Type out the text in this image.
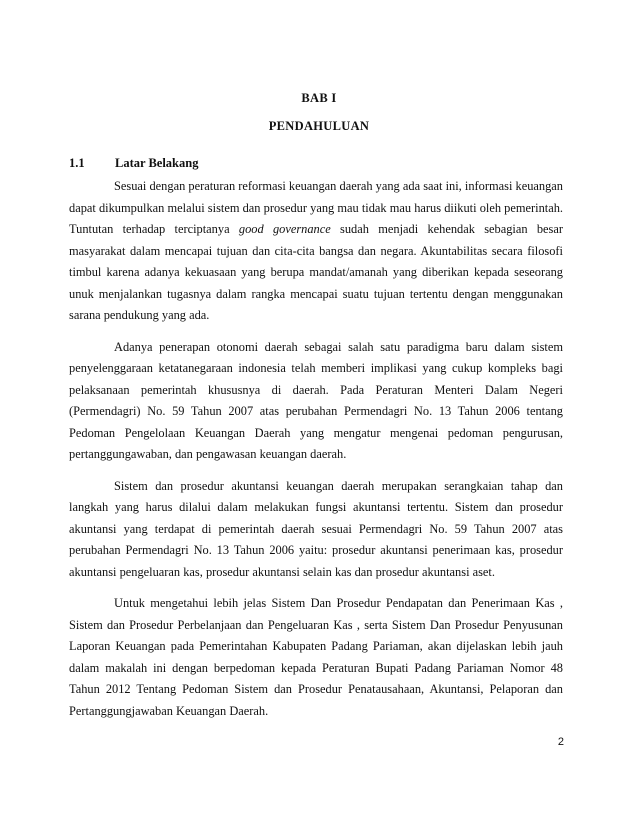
BAB I
PENDAHULUAN
1.1 Latar Belakang

Sesuai dengan peraturan reformasi keuangan daerah yang ada saat ini, informasi keuangan dapat dikumpulkan melalui sistem dan prosedur yang mau tidak mau harus diikuti oleh pemerintah. Tuntutan terhadap terciptanya good governance sudah menjadi kehendak sebagian besar masyarakat dalam mencapai tujuan dan cita-cita bangsa dan negara. Akuntabilitas secara filosofi timbul karena adanya kekuasaan yang berupa mandat/amanah yang diberikan kepada seseorang unuk menjalankan tugasnya dalam rangka mencapai suatu tujuan tertentu dengan menggunakan sarana pendukung yang ada.

Adanya penerapan otonomi daerah sebagai salah satu paradigma baru dalam sistem penyelenggaraan ketatanegaraan indonesia telah memberi implikasi yang cukup kompleks bagi pelaksanaan pemerintah khususnya di daerah. Pada Peraturan Menteri Dalam Negeri (Permendagri) No. 59 Tahun 2007 atas perubahan Permendagri No. 13 Tahun 2006 tentang Pedoman Pengelolaan Keuangan Daerah yang mengatur mengenai pedoman pengurusan, pertanggungawaban, dan pengawasan keuangan daerah.

Sistem dan prosedur akuntansi keuangan daerah merupakan serangkaian tahap dan langkah yang harus dilalui dalam melakukan fungsi akuntansi tertentu. Sistem dan prosedur akuntansi yang terdapat di pemerintah daerah sesuai Permendagri No. 59 Tahun 2007 atas perubahan Permendagri No. 13 Tahun 2006 yaitu: prosedur akuntansi penerimaan kas, prosedur akuntansi pengeluaran kas, prosedur akuntansi selain kas dan prosedur akuntansi aset.

Untuk mengetahui lebih jelas Sistem Dan Prosedur Pendapatan dan Penerimaan Kas , Sistem dan Prosedur Perbelanjaan dan Pengeluaran Kas , serta Sistem Dan Prosedur Penyusunan Laporan Keuangan pada Pemerintahan Kabupaten Padang Pariaman, akan dijelaskan lebih jauh dalam makalah ini dengan berpedoman kepada Peraturan Bupati Padang Pariaman Nomor 48 Tahun 2012 Tentang Pedoman Sistem dan Prosedur Penatausahaan, Akuntansi, Pelaporan dan Pertanggungjawaban Keuangan Daerah.

2
